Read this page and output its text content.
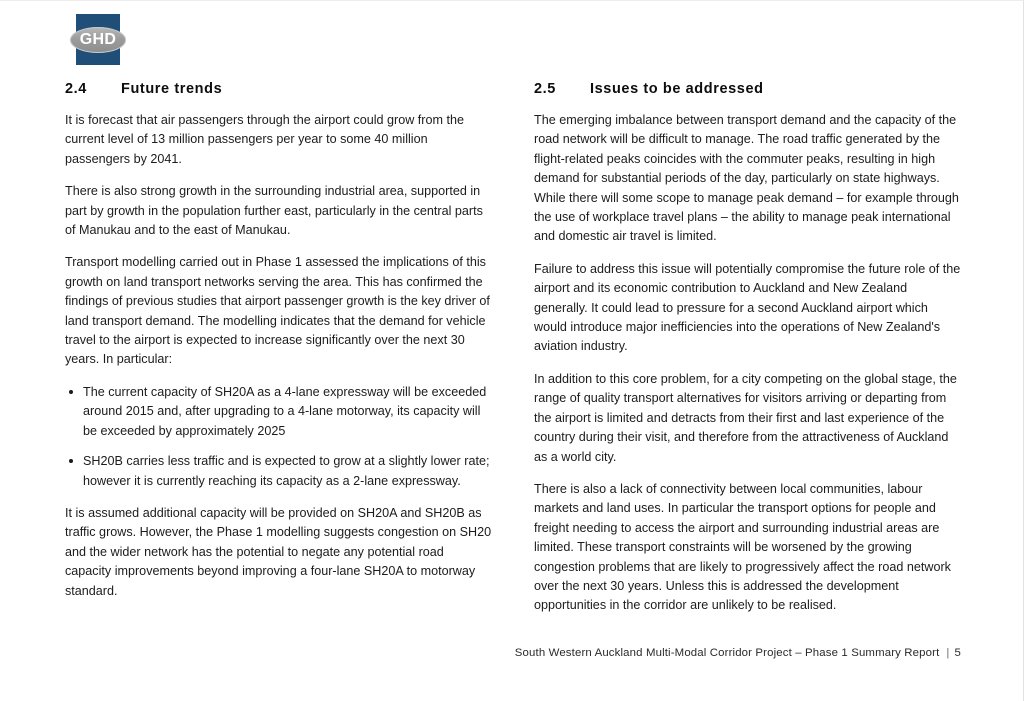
GHD
2.4	Future trends

It is forecast that air passengers through the airport could grow from the current level of 13 million passengers per year to some 40 million passengers by 2041.

There is also strong growth in the surrounding industrial area, supported in part by growth in the population further east, particularly in the central parts of Manukau and to the east of Manukau.

Transport modelling carried out in Phase 1 assessed the implications of this growth on land transport networks serving the area. This has confirmed the findings of previous studies that airport passenger growth is the key driver of land transport demand. The modelling indicates that the demand for vehicle travel to the airport is expected to increase significantly over the next 30 years. In particular:

The current capacity of SH20A as a 4-lane expressway will be exceeded around 2015 and, after upgrading to a 4-lane motorway, its capacity will be exceeded by approximately 2025
SH20B carries less traffic and is expected to grow at a slightly lower rate; however it is currently reaching its capacity as a 2-lane expressway.

It is assumed additional capacity will be provided on SH20A and SH20B as traffic grows. However, the Phase 1 modelling suggests congestion on SH20 and the wider network has the potential to negate any potential road capacity improvements beyond improving a four-lane SH20A to motorway standard.

2.5	Issues to be addressed

The emerging imbalance between transport demand and the capacity of the road network will be difficult to manage. The road traffic generated by the flight-related peaks coincides with the commuter peaks, resulting in high demand for substantial periods of the day, particularly on state highways. While there will some scope to manage peak demand – for example through the use of workplace travel plans – the ability to manage peak international and domestic air travel is limited.

Failure to address this issue will potentially compromise the future role of the airport and its economic contribution to Auckland and New Zealand generally. It could lead to pressure for a second Auckland airport which would introduce major inefficiencies into the operations of New Zealand's aviation industry.

In addition to this core problem, for a city competing on the global stage, the range of quality transport alternatives for visitors arriving or departing from the airport is limited and detracts from their first and last experience of the country during their visit, and therefore from the attractiveness of Auckland as a world city.

There is also a lack of connectivity between local communities, labour markets and land uses. In particular the transport options for people and freight needing to access the airport and surrounding industrial areas are limited. These transport constraints will be worsened by the growing congestion problems that are likely to progressively affect the road network over the next 30 years. Unless this is addressed the development opportunities in the corridor are unlikely to be realised.

South Western Auckland Multi-Modal Corridor Project – Phase 1 Summary Report | 5
